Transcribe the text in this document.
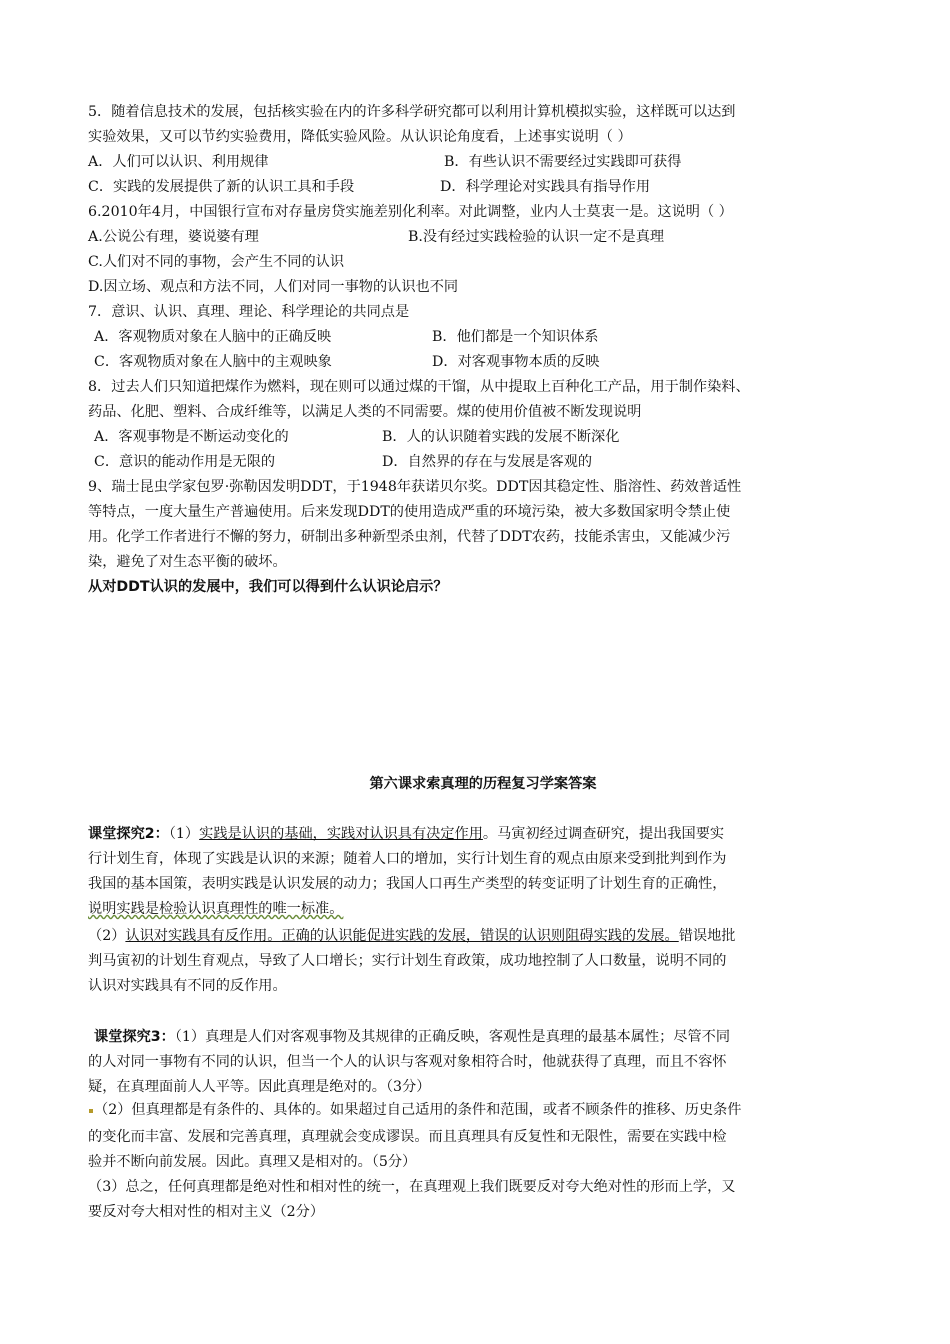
5．随着信息技术的发展，包括核实验在内的许多科学研究都可以利用计算机模拟实验，这样既可以达到
实验效果，又可以节约实验费用，降低实验风险。从认识论角度看，上述事实说明（ ）
A．人们可以认识、利用规律	B．有些认识不需要经过实践即可获得
C．实践的发展提供了新的认识工具和手段	D．科学理论对实践具有指导作用
6.2010年4月，中国银行宣布对存量房贷实施差别化利率。对此调整，业内人士莫衷一是。这说明（ ）
A.公说公有理，婆说婆有理	B.没有经过实践检验的认识一定不是真理
C.人们对不同的事物，会产生不同的认识
D.因立场、观点和方法不同，人们对同一事物的认识也不同
7．意识、认识、真理、理论、科学理论的共同点是
A．客观物质对象在人脑中的正确反映	B．他们都是一个知识体系
C．客观物质对象在人脑中的主观映象	D．对客观事物本质的反映
8．过去人们只知道把煤作为燃料，现在则可以通过煤的干馏，从中提取上百种化工产品，用于制作染料、
药品、化肥、塑料、合成纤维等，以满足人类的不同需要。煤的使用价值被不断发现说明
A．客观事物是不断运动变化的	B．人的认识随着实践的发展不断深化
C．意识的能动作用是无限的	D．自然界的存在与发展是客观的
9、瑞士昆虫学家包罗·弥勒因发明DDT，于1948年获诺贝尔奖。DDT因其稳定性、脂溶性、药效普适性
等特点，一度大量生产普遍使用。后来发现DDT的使用造成严重的环境污染，被大多数国家明令禁止使
用。化学工作者进行不懈的努力，研制出多种新型杀虫剂，代替了DDT农药，技能杀害虫，又能减少污
染，避免了对生态平衡的破坏。
从对DDT认识的发展中，我们可以得到什么认识论启示？
第六课求索真理的历程复习学案答案
课堂探究2：（1）实践是认识的基础，实践对认识具有决定作用。马寅初经过调查研究，提出我国要实
行计划生育，体现了实践是认识的来源；随着人口的增加，实行计划生育的观点由原来受到批判到作为
我国的基本国策，表明实践是认识发展的动力；我国人口再生产类型的转变证明了计划生育的正确性，
说明实践是检验认识真理性的唯一标准。
（2）认识对实践具有反作用。正确的认识能促进实践的发展，错误的认识则阻碍实践的发展。错误地批
判马寅初的计划生育观点，导致了人口增长；实行计划生育政策，成功地控制了人口数量，说明不同的
认识对实践具有不同的反作用。
课堂探究3：（1）真理是人们对客观事物及其规律的正确反映，客观性是真理的最基本属性；尽管不同
的人对同一事物有不同的认识，但当一个人的认识与客观对象相符合时，他就获得了真理，而且不容怀
疑，在真理面前人人平等。因此真理是绝对的。（3分）
（2）但真理都是有条件的、具体的。如果超过自己适用的条件和范围，或者不顾条件的推移、历史条件
的变化而丰富、发展和完善真理，真理就会变成谬误。而且真理具有反复性和无限性，需要在实践中检
验并不断向前发展。因此。真理又是相对的。（5分）
（3）总之，任何真理都是绝对性和相对性的统一，在真理观上我们既要反对夸大绝对性的形而上学，又
要反对夸大相对性的相对主义（2分）
